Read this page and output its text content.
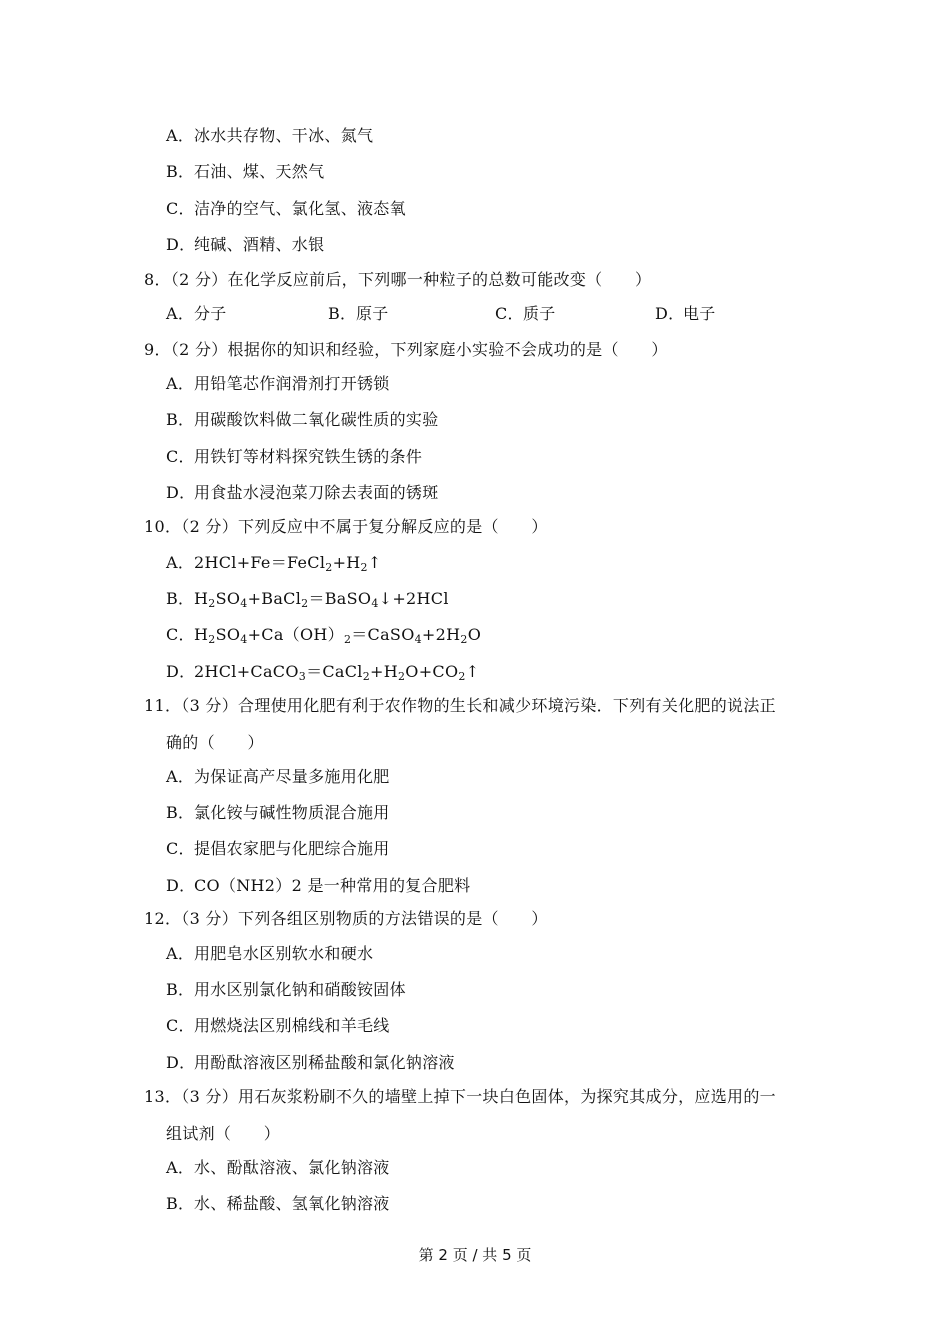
A．冰水共存物、干冰、氮气
B．石油、煤、天然气
C．洁净的空气、氯化氢、液态氧
D．纯碱、酒精、水银
8．（2 分）在化学反应前后，下列哪一种粒子的总数可能改变（　　）
A．分子	B．原子	C．质子	D．电子
9．（2 分）根据你的知识和经验，下列家庭小实验不会成功的是（　　）
A．用铅笔芯作润滑剂打开锈锁
B．用碳酸饮料做二氧化碳性质的实验
C．用铁钉等材料探究铁生锈的条件
D．用食盐水浸泡菜刀除去表面的锈斑
10．（2 分）下列反应中不属于复分解反应的是（　　）
A．$2HCl+Fe=FeCl_2+H_2↑$
B．$H_2SO_4+BaCl_2=BaSO_4↓+2HCl$
C．$H_2SO_4+Ca(OH)_2=CaSO_4+2H_2O$
D．$2HCl+CaCO_3=CaCl_2+H_2O+CO_2↑$
11．（3 分）合理使用化肥有利于农作物的生长和减少环境污染．下列有关化肥的说法正
确的（　　）
A．为保证高产尽量多施用化肥
B．氯化铵与碱性物质混合施用
C．提倡农家肥与化肥综合施用
D．CO（NH2）2 是一种常用的复合肥料
12．（3 分）下列各组区别物质的方法错误的是（　　）
A．用肥皂水区别软水和硬水
B．用水区别氯化钠和硝酸铵固体
C．用燃烧法区别棉线和羊毛线
D．用酚酞溶液区别稀盐酸和氯化钠溶液
13．（3 分）用石灰浆粉刷不久的墙壁上掉下一块白色固体，为探究其成分，应选用的一
组试剂（　　）
A．水、酚酞溶液、氯化钠溶液
B．水、稀盐酸、氢氧化钠溶液
第 2 页 / 共 5 页
